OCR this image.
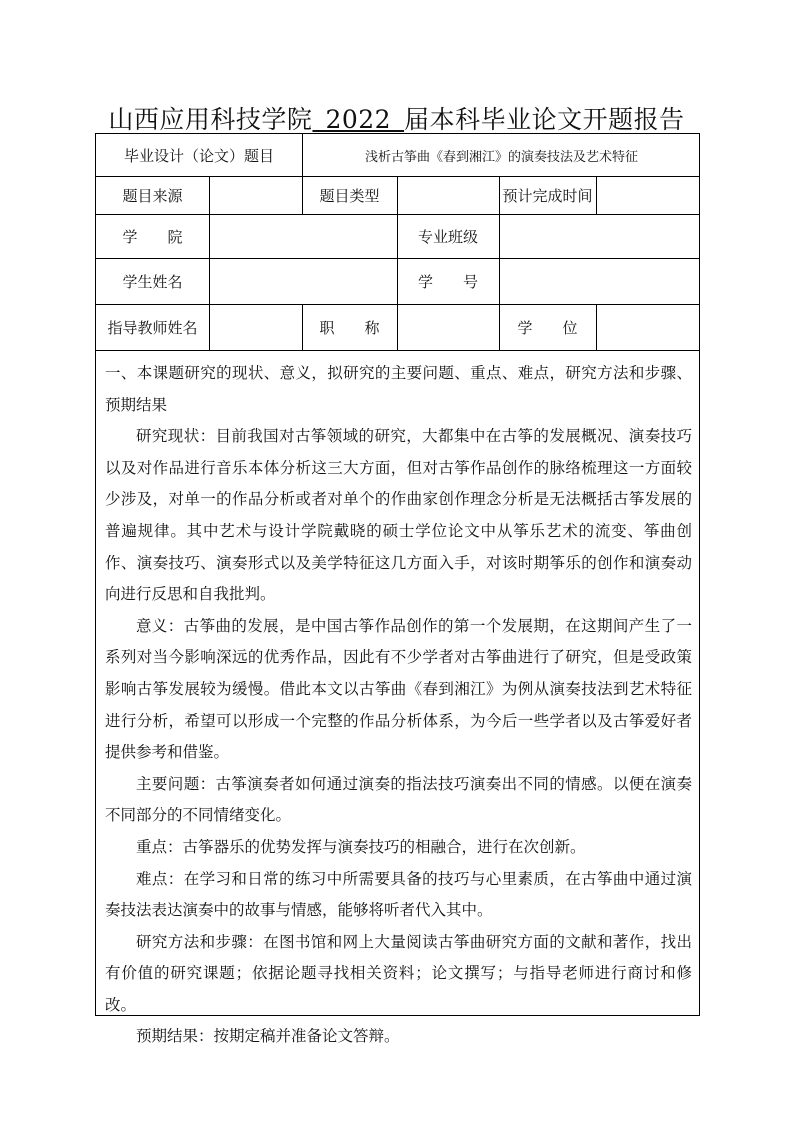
山西应用科技学院_2022_届本科毕业论文开题报告
毕业设计（论文）题目	浅析古筝曲《春到湘江》的演奏技法及艺术特征
题目来源	题目类型	预计完成时间
学　　院	专业班级
学生姓名	学　　号
指导教师姓名	职　　称	学　　位

一、本课题研究的现状、意义，拟研究的主要问题、重点、难点，研究方法和步骤、预期结果

研究现状：目前我国对古筝领域的研究，大都集中在古筝的发展概况、演奏技巧以及对作品进行音乐本体分析这三大方面，但对古筝作品创作的脉络梳理这一方面较少涉及，对单一的作品分析或者对单个的作曲家创作理念分析是无法概括古筝发展的普遍规律。其中艺术与设计学院戴晓的硕士学位论文中从筝乐艺术的流变、筝曲创作、演奏技巧、演奏形式以及美学特征这几方面入手，对该时期筝乐的创作和演奏动向进行反思和自我批判。

意义：古筝曲的发展，是中国古筝作品创作的第一个发展期，在这期间产生了一系列对当今影响深远的优秀作品，因此有不少学者对古筝曲进行了研究，但是受政策影响古筝发展较为缓慢。借此本文以古筝曲《春到湘江》为例从演奏技法到艺术特征进行分析，希望可以形成一个完整的作品分析体系，为今后一些学者以及古筝爱好者提供参考和借鉴。

主要问题：古筝演奏者如何通过演奏的指法技巧演奏出不同的情感。以便在演奏不同部分的不同情绪变化。

重点：古筝器乐的优势发挥与演奏技巧的相融合，进行在次创新。

难点：在学习和日常的练习中所需要具备的技巧与心里素质，在古筝曲中通过演奏技法表达演奏中的故事与情感，能够将听者代入其中。

研究方法和步骤：在图书馆和网上大量阅读古筝曲研究方面的文献和著作，找出有价值的研究课题；依据论题寻找相关资料；论文撰写；与指导老师进行商讨和修改。

预期结果：按期定稿并准备论文答辩。
